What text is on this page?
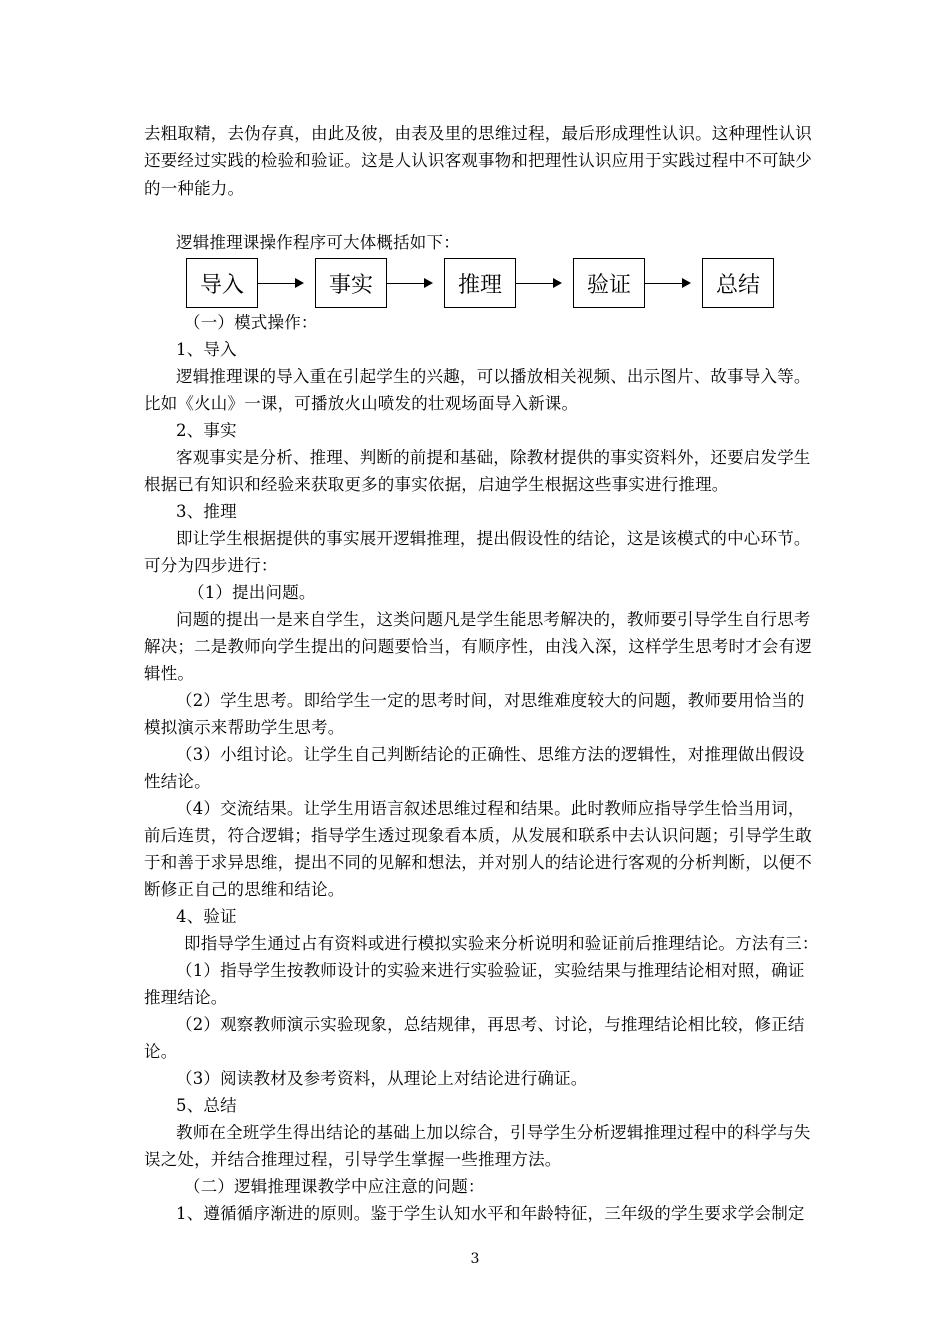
去粗取精，去伪存真，由此及彼，由表及里的思维过程，最后形成理性认识。这种理性认识
还要经过实践的检验和验证。这是人认识客观事物和把理性认识应用于实践过程中不可缺少
的一种能力。
逻辑推理课操作程序可大体概括如下：
导入	事实	推理	验证	总结
（一）模式操作：
1、导入
逻辑推理课的导入重在引起学生的兴趣，可以播放相关视频、出示图片、故事导入等。
比如《火山》一课，可播放火山喷发的壮观场面导入新课。
2、事实
客观事实是分析、推理、判断的前提和基础，除教材提供的事实资料外，还要启发学生
根据已有知识和经验来获取更多的事实依据，启迪学生根据这些事实进行推理。
3、推理
即让学生根据提供的事实展开逻辑推理，提出假设性的结论，这是该模式的中心环节。
可分为四步进行：
（1）提出问题。
问题的提出一是来自学生，这类问题凡是学生能思考解决的，教师要引导学生自行思考
解决；二是教师向学生提出的问题要恰当，有顺序性，由浅入深，这样学生思考时才会有逻
辑性。
（2）学生思考。即给学生一定的思考时间，对思维难度较大的问题，教师要用恰当的
模拟演示来帮助学生思考。
（3）小组讨论。让学生自己判断结论的正确性、思维方法的逻辑性，对推理做出假设
性结论。
（4）交流结果。让学生用语言叙述思维过程和结果。此时教师应指导学生恰当用词，
前后连贯，符合逻辑；指导学生透过现象看本质，从发展和联系中去认识问题；引导学生敢
于和善于求异思维，提出不同的见解和想法，并对别人的结论进行客观的分析判断，以便不
断修正自己的思维和结论。
4、验证
即指导学生通过占有资料或进行模拟实验来分析说明和验证前后推理结论。方法有三：
（1）指导学生按教师设计的实验来进行实验验证，实验结果与推理结论相对照，确证
推理结论。
（2）观察教师演示实验现象，总结规律，再思考、讨论，与推理结论相比较，修正结
论。
（3）阅读教材及参考资料，从理论上对结论进行确证。
5、总结
教师在全班学生得出结论的基础上加以综合，引导学生分析逻辑推理过程中的科学与失
误之处，并结合推理过程，引导学生掌握一些推理方法。
（二）逻辑推理课教学中应注意的问题：
1、遵循循序渐进的原则。鉴于学生认知水平和年龄特征，三年级的学生要求学会制定
3
